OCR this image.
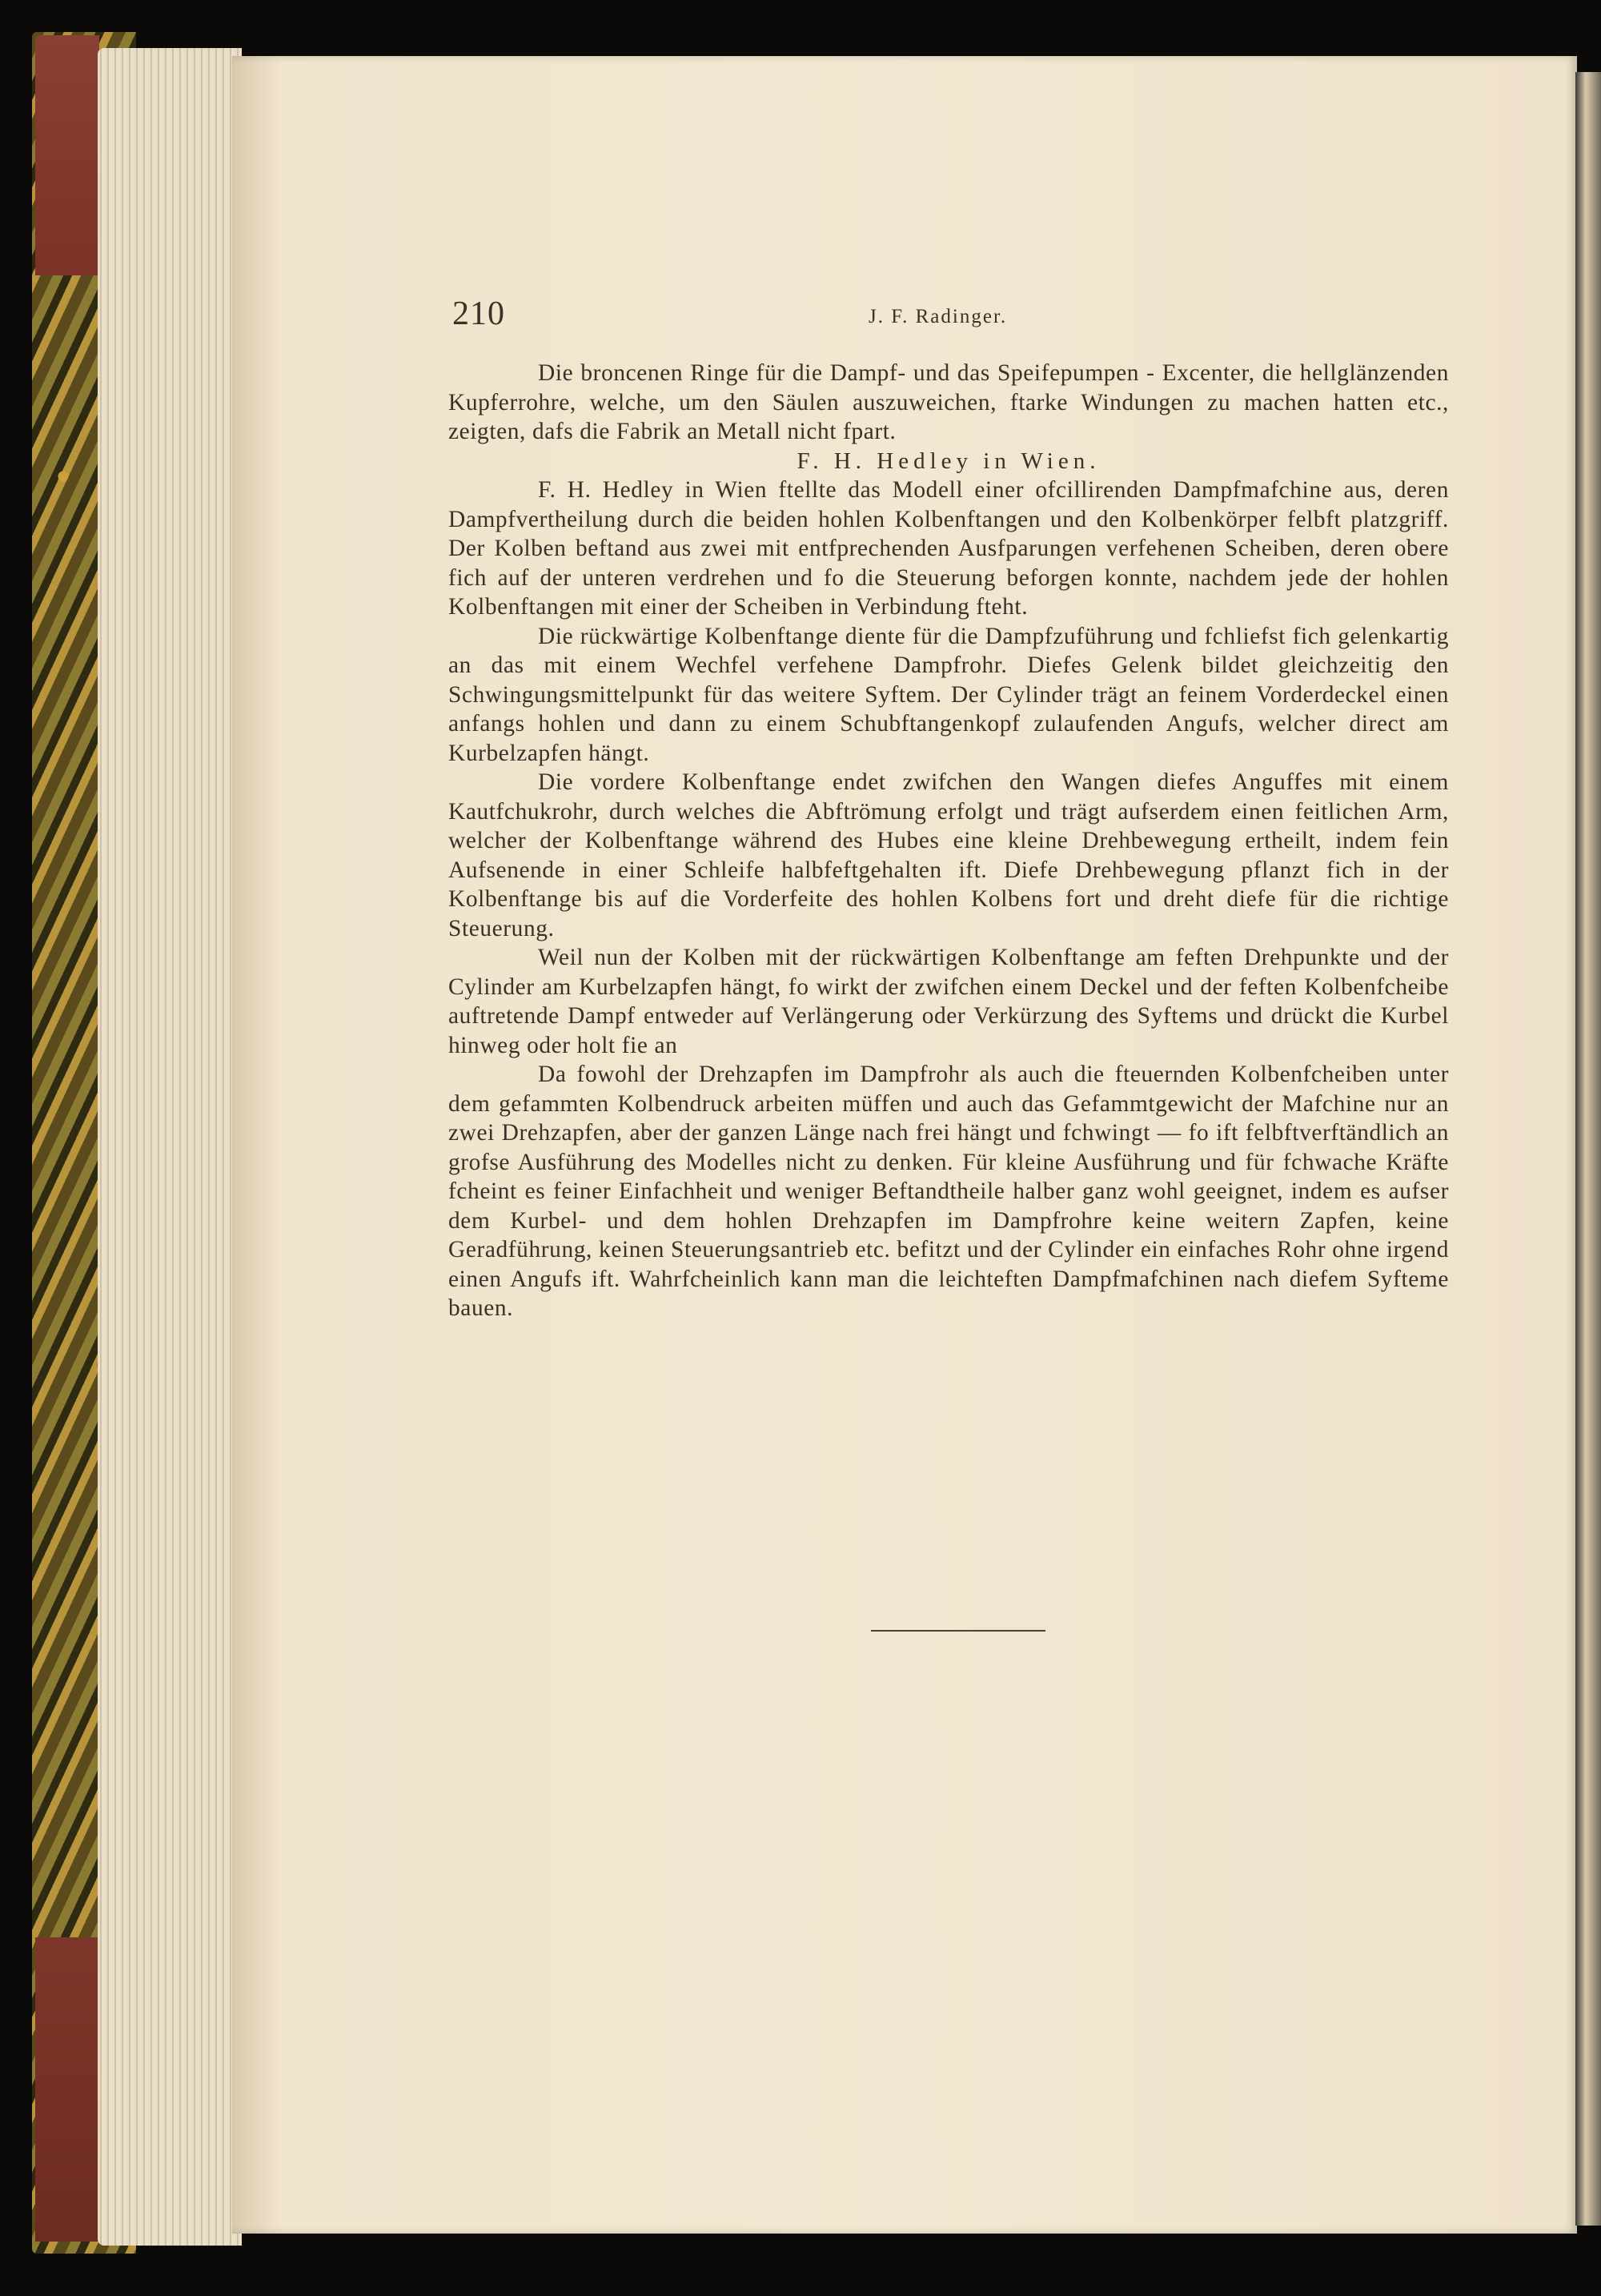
210	J. F. Radinger.

Die broncenen Ringe für die Dampf- und das Speifepumpen - Excenter, die hellglänzenden Kupferrohre, welche, um den Säulen auszuweichen, ftarke Windungen zu machen hatten etc., zeigten, dafs die Fabrik an Metall nicht fpart.

F. H. Hedley in Wien.

F. H. Hedley in Wien ftellte das Modell einer ofcillirenden Dampfmafchine aus, deren Dampfvertheilung durch die beiden hohlen Kolbenftangen und den Kolbenkörper felbft platzgriff. Der Kolben beftand aus zwei mit entfprechenden Ausfparungen verfehenen Scheiben, deren obere fich auf der unteren verdrehen und fo die Steuerung beforgen konnte, nachdem jede der hohlen Kolbenftangen mit einer der Scheiben in Verbindung fteht.

Die rückwärtige Kolbenftange diente für die Dampfzuführung und fchliefst fich gelenkartig an das mit einem Wechfel verfehene Dampfrohr. Diefes Gelenk bildet gleichzeitig den Schwingungsmittelpunkt für das weitere Syftem. Der Cylinder trägt an feinem Vorderdeckel einen anfangs hohlen und dann zu einem Schubftangenkopf zulaufenden Angufs, welcher direct am Kurbelzapfen hängt.

Die vordere Kolbenftange endet zwifchen den Wangen diefes Anguffes mit einem Kautfchukrohr, durch welches die Abftrömung erfolgt und trägt aufserdem einen feitlichen Arm, welcher der Kolbenftange während des Hubes eine kleine Drehbewegung ertheilt, indem fein Aufsenende in einer Schleife halbfeftgehalten ift. Diefe Drehbewegung pflanzt fich in der Kolbenftange bis auf die Vorderfeite des hohlen Kolbens fort und dreht diefe für die richtige Steuerung.

Weil nun der Kolben mit der rückwärtigen Kolbenftange am feften Drehpunkte und der Cylinder am Kurbelzapfen hängt, fo wirkt der zwifchen einem Deckel und der feften Kolbenfcheibe auftretende Dampf entweder auf Verlängerung oder Verkürzung des Syftems und drückt die Kurbel hinweg oder holt fie an

Da fowohl der Drehzapfen im Dampfrohr als auch die fteuernden Kolbenfcheiben unter dem gefammten Kolbendruck arbeiten müffen und auch das Gefammtgewicht der Mafchine nur an zwei Drehzapfen, aber der ganzen Länge nach frei hängt und fchwingt — fo ift felbftverftändlich an grofse Ausführung des Modelles nicht zu denken. Für kleine Ausführung und für fchwache Kräfte fcheint es feiner Einfachheit und weniger Beftandtheile halber ganz wohl geeignet, indem es aufser dem Kurbel- und dem hohlen Drehzapfen im Dampfrohre keine weitern Zapfen, keine Geradführung, keinen Steuerungsantrieb etc. befitzt und der Cylinder ein einfaches Rohr ohne irgend einen Angufs ift. Wahrfcheinlich kann man die leichteften Dampfmafchinen nach diefem Syfteme bauen.
